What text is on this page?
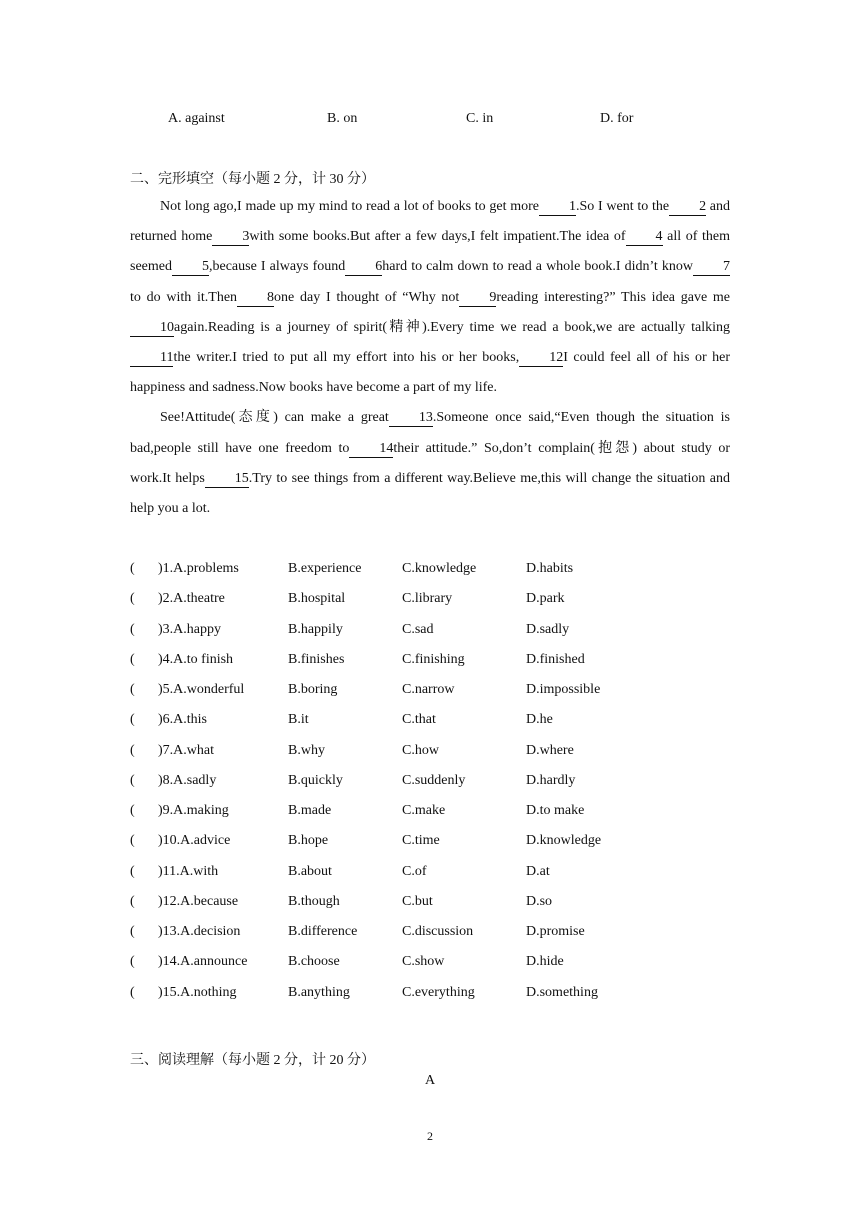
A. against	B. on	C. in	D. for
二、完形填空（每小题 2 分，计 30 分）

Not long ago,I made up my mind to read a lot of books to get more 1.So I went to the 2 and returned home 3with some books.But after a few days,I felt impatient.The idea of 4 all of them seemed 5,because I always found 6hard to calm down to read a whole book.I didn’t know 7to do with it.Then 8one day I thought of “Why not 9reading interesting?” This idea gave me10again.Reading is a journey of spirit(精神).Every time we read a book,we are actually talking11the writer.I tried to put all my effort into his or her books, 12I could feel all of his or her happiness and sadness.Now books have become a part of my life.

See!Attitude(态度) can make a great 13.Someone once said,“Even though the situation is bad,people still have one freedom to 14their attitude.” So,don’t complain(抱怨) about study or work.It helps 15.Try to see things from a different way.Believe me,this will change the situation and help you a lot.

( )1.A.problems	B.experience	C.knowledge	D.habits
( )2.A.theatre	B.hospital	C.library	D.park
( )3.A.happy	B.happily	C.sad	D.sadly
( )4.A.to finish	B.finishes	C.finishing	D.finished
( )5.A.wonderful	B.boring	C.narrow	D.impossible
( )6.A.this	B.it	C.that	D.he
( )7.A.what	B.why	C.how	D.where
( )8.A.sadly	B.quickly	C.suddenly	D.hardly
( )9.A.making	B.made	C.make	D.to make
( )10.A.advice	B.hope	C.time	D.knowledge
( )11.A.with	B.about	C.of	D.at
( )12.A.because	B.though	C.but	D.so
( )13.A.decision	B.difference	C.discussion	D.promise
( )14.A.announce	B.choose	C.show	D.hide
( )15.A.nothing	B.anything	C.everything	D.something
三、阅读理解（每小题 2 分，计 20 分）
A
2
